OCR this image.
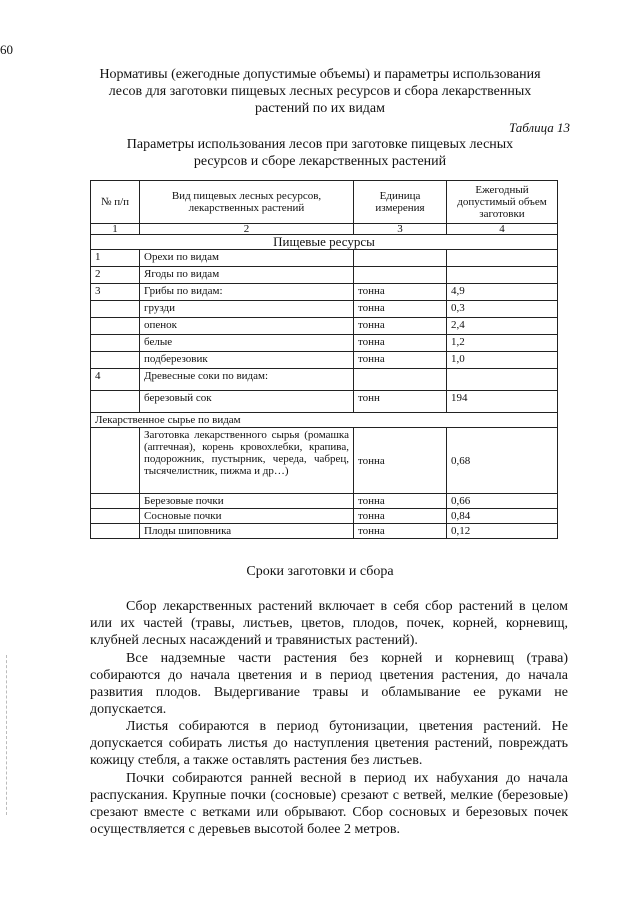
60
Нормативы (ежегодные допустимые объемы) и параметры использования лесов для заготовки пищевых лесных ресурсов и сбора лекарственных растений по их видам
Таблица 13
Параметры использования лесов при заготовке пищевых лесных ресурсов и сборе лекарственных растений
№ п/п	Вид пищевых лесных ресурсов, лекарственных растений	Единица измерения	Ежегодный допустимый объем заготовки
1	2	3	4
Пищевые ресурсы			
1	Орехи по видам		
2	Ягоды по видам		
3	Грибы по видам:	тонна	4,9
	грузди	тонна	0,3
	опенок	тонна	2,4
	белые	тонна	1,2
	подберезовик	тонна	1,0
4	Древесные соки по видам:		
	березовый сок	тонн	194
Лекарственное сырье по видам			
	Заготовка лекарственного сырья (ромашка (аптечная), корень кровохлебки, крапива, подорожник, пустырник, череда, чабрец, тысячелистник, пижма и др…)	тонна	0,68
	Березовые почки	тонна	0,66
	Сосновые почки	тонна	0,84
	Плоды шиповника	тонна	0,12
Сроки заготовки и сбора
Сбор лекарственных растений включает в себя сбор растений в целом или их частей (травы, листьев, цветов, плодов, почек, корней, корневищ, клубней лесных насаждений и травянистых растений).
Все надземные части растения без корней и корневищ (трава) собираются до начала цветения и в период цветения растения, до начала развития плодов. Выдергивание травы и обламывание ее руками не допускается.
Листья собираются в период бутонизации, цветения растений. Не допускается собирать листья до наступления цветения растений, повреждать кожицу стебля, а также оставлять растения без листьев.
Почки собираются ранней весной в период их набухания до начала распускания. Крупные почки (сосновые) срезают с ветвей, мелкие (березовые) срезают вместе с ветками или обрывают. Сбор сосновых и березовых почек осуществляется с деревьев высотой более 2 метров.
